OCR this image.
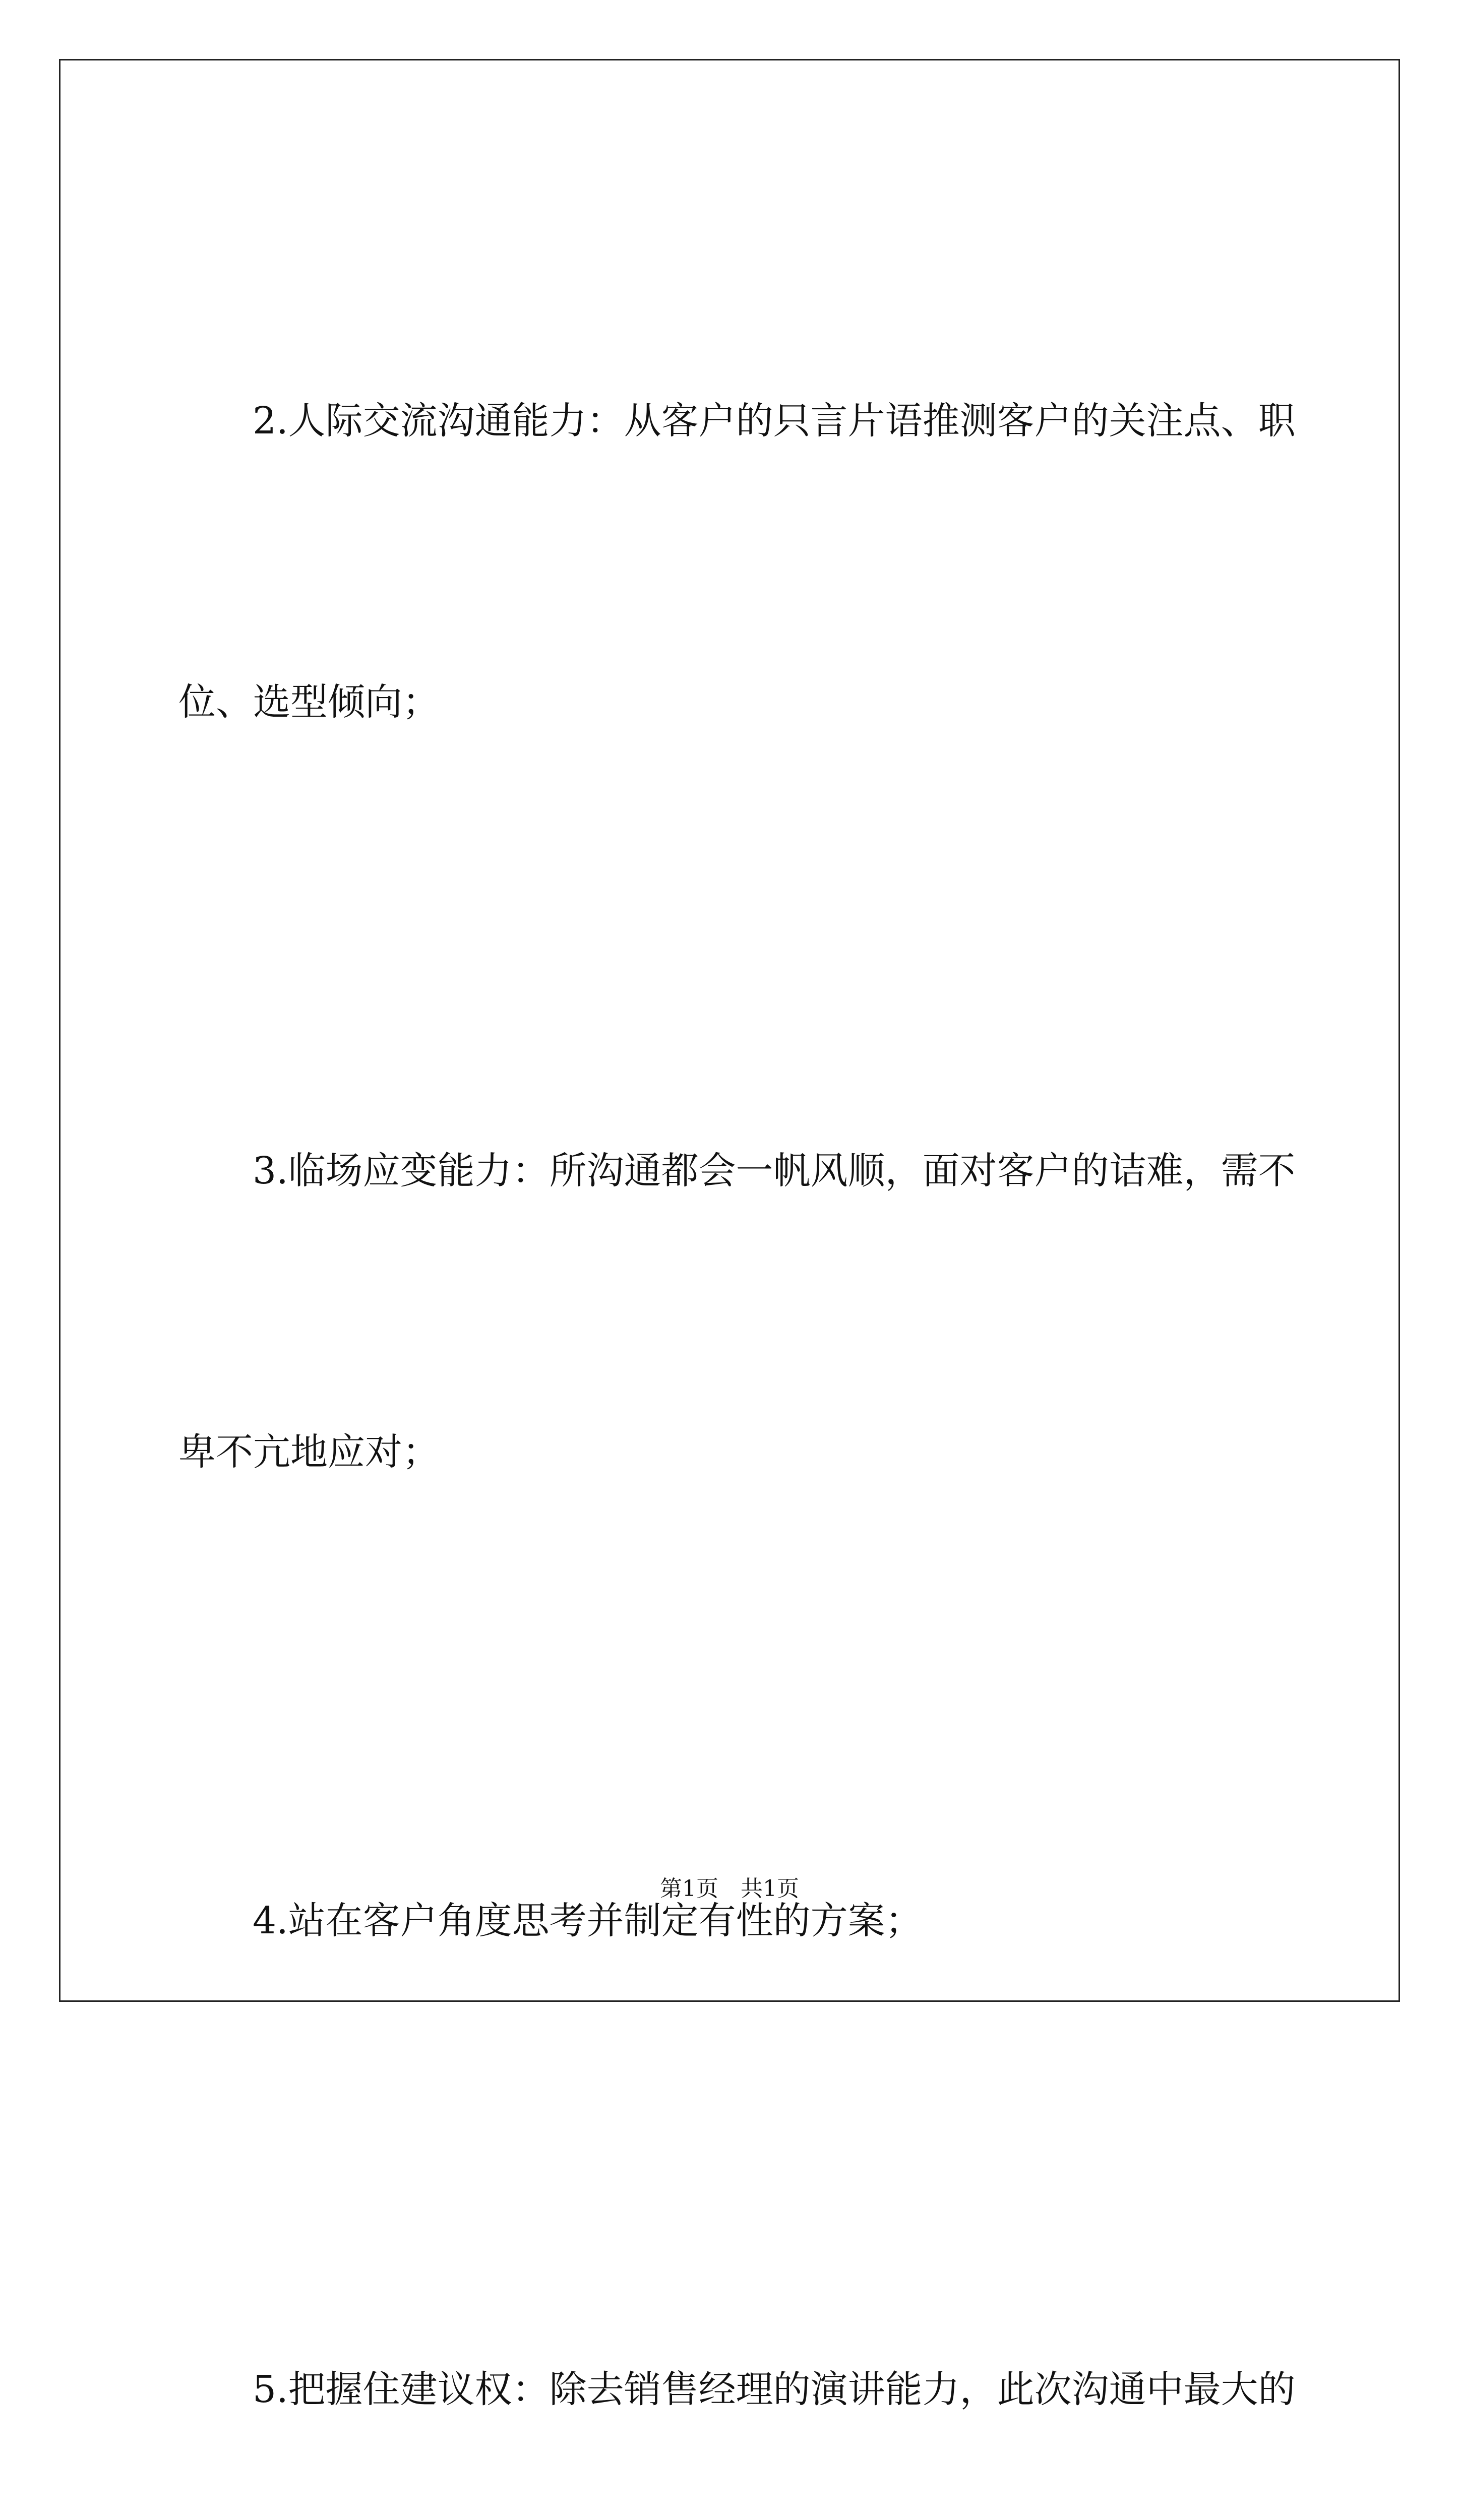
2.人际交流沟通能力：从客户的只言片语推测客户的关注点、职

位、选型倾向；

3.临场应变能力：所沟通都会一帆风顺，面对客户的诘难，需不

卑不亢地应对；

4.站在客户角度思考并制定有性的方案；

5.把握住建议权：除去销售经理的演讲能力，此次沟通中最大的

第1页　共1页
